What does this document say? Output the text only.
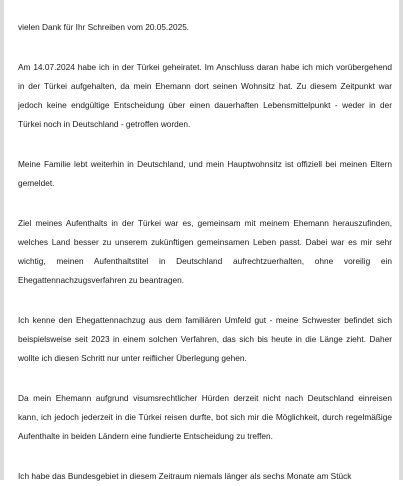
vielen Dank für Ihr Schreiben vom 20.05.2025.

Am 14.07.2024 habe ich in der Türkei geheiratet. Im Anschluss daran habe ich mich vorübergehend in der Türkei aufgehalten, da mein Ehemann dort seinen Wohnsitz hat. Zu diesem Zeitpunkt war jedoch keine endgültige Entscheidung über einen dauerhaften Lebensmittelpunkt - weder in der Türkei noch in Deutschland - getroffen worden.

Meine Familie lebt weiterhin in Deutschland, und mein Hauptwohnsitz ist offiziell bei meinen Eltern gemeldet.

Ziel meines Aufenthalts in der Türkei war es, gemeinsam mit meinem Ehemann herauszufinden, welches Land besser zu unserem zukünftigen gemeinsamen Leben passt. Dabei war es mir sehr wichtig, meinen Aufenthaltstitel in Deutschland aufrechtzuerhalten, ohne voreilig ein Ehegattennachzugsverfahren zu beantragen.

Ich kenne den Ehegattennachzug aus dem familiären Umfeld gut - meine Schwester befindet sich beispielsweise seit 2023 in einem solchen Verfahren, das sich bis heute in die Länge zieht. Daher wollte ich diesen Schritt nur unter reiflicher Überlegung gehen.

Da mein Ehemann aufgrund visumsrechtlicher Hürden derzeit nicht nach Deutschland einreisen kann, ich jedoch jederzeit in die Türkei reisen durfte, bot sich mir die Möglichkeit, durch regelmäßige Aufenthalte in beiden Ländern eine fundierte Entscheidung zu treffen.

Ich habe das Bundesgebiet in diesem Zeitraum niemals länger als sechs Monate am Stück
